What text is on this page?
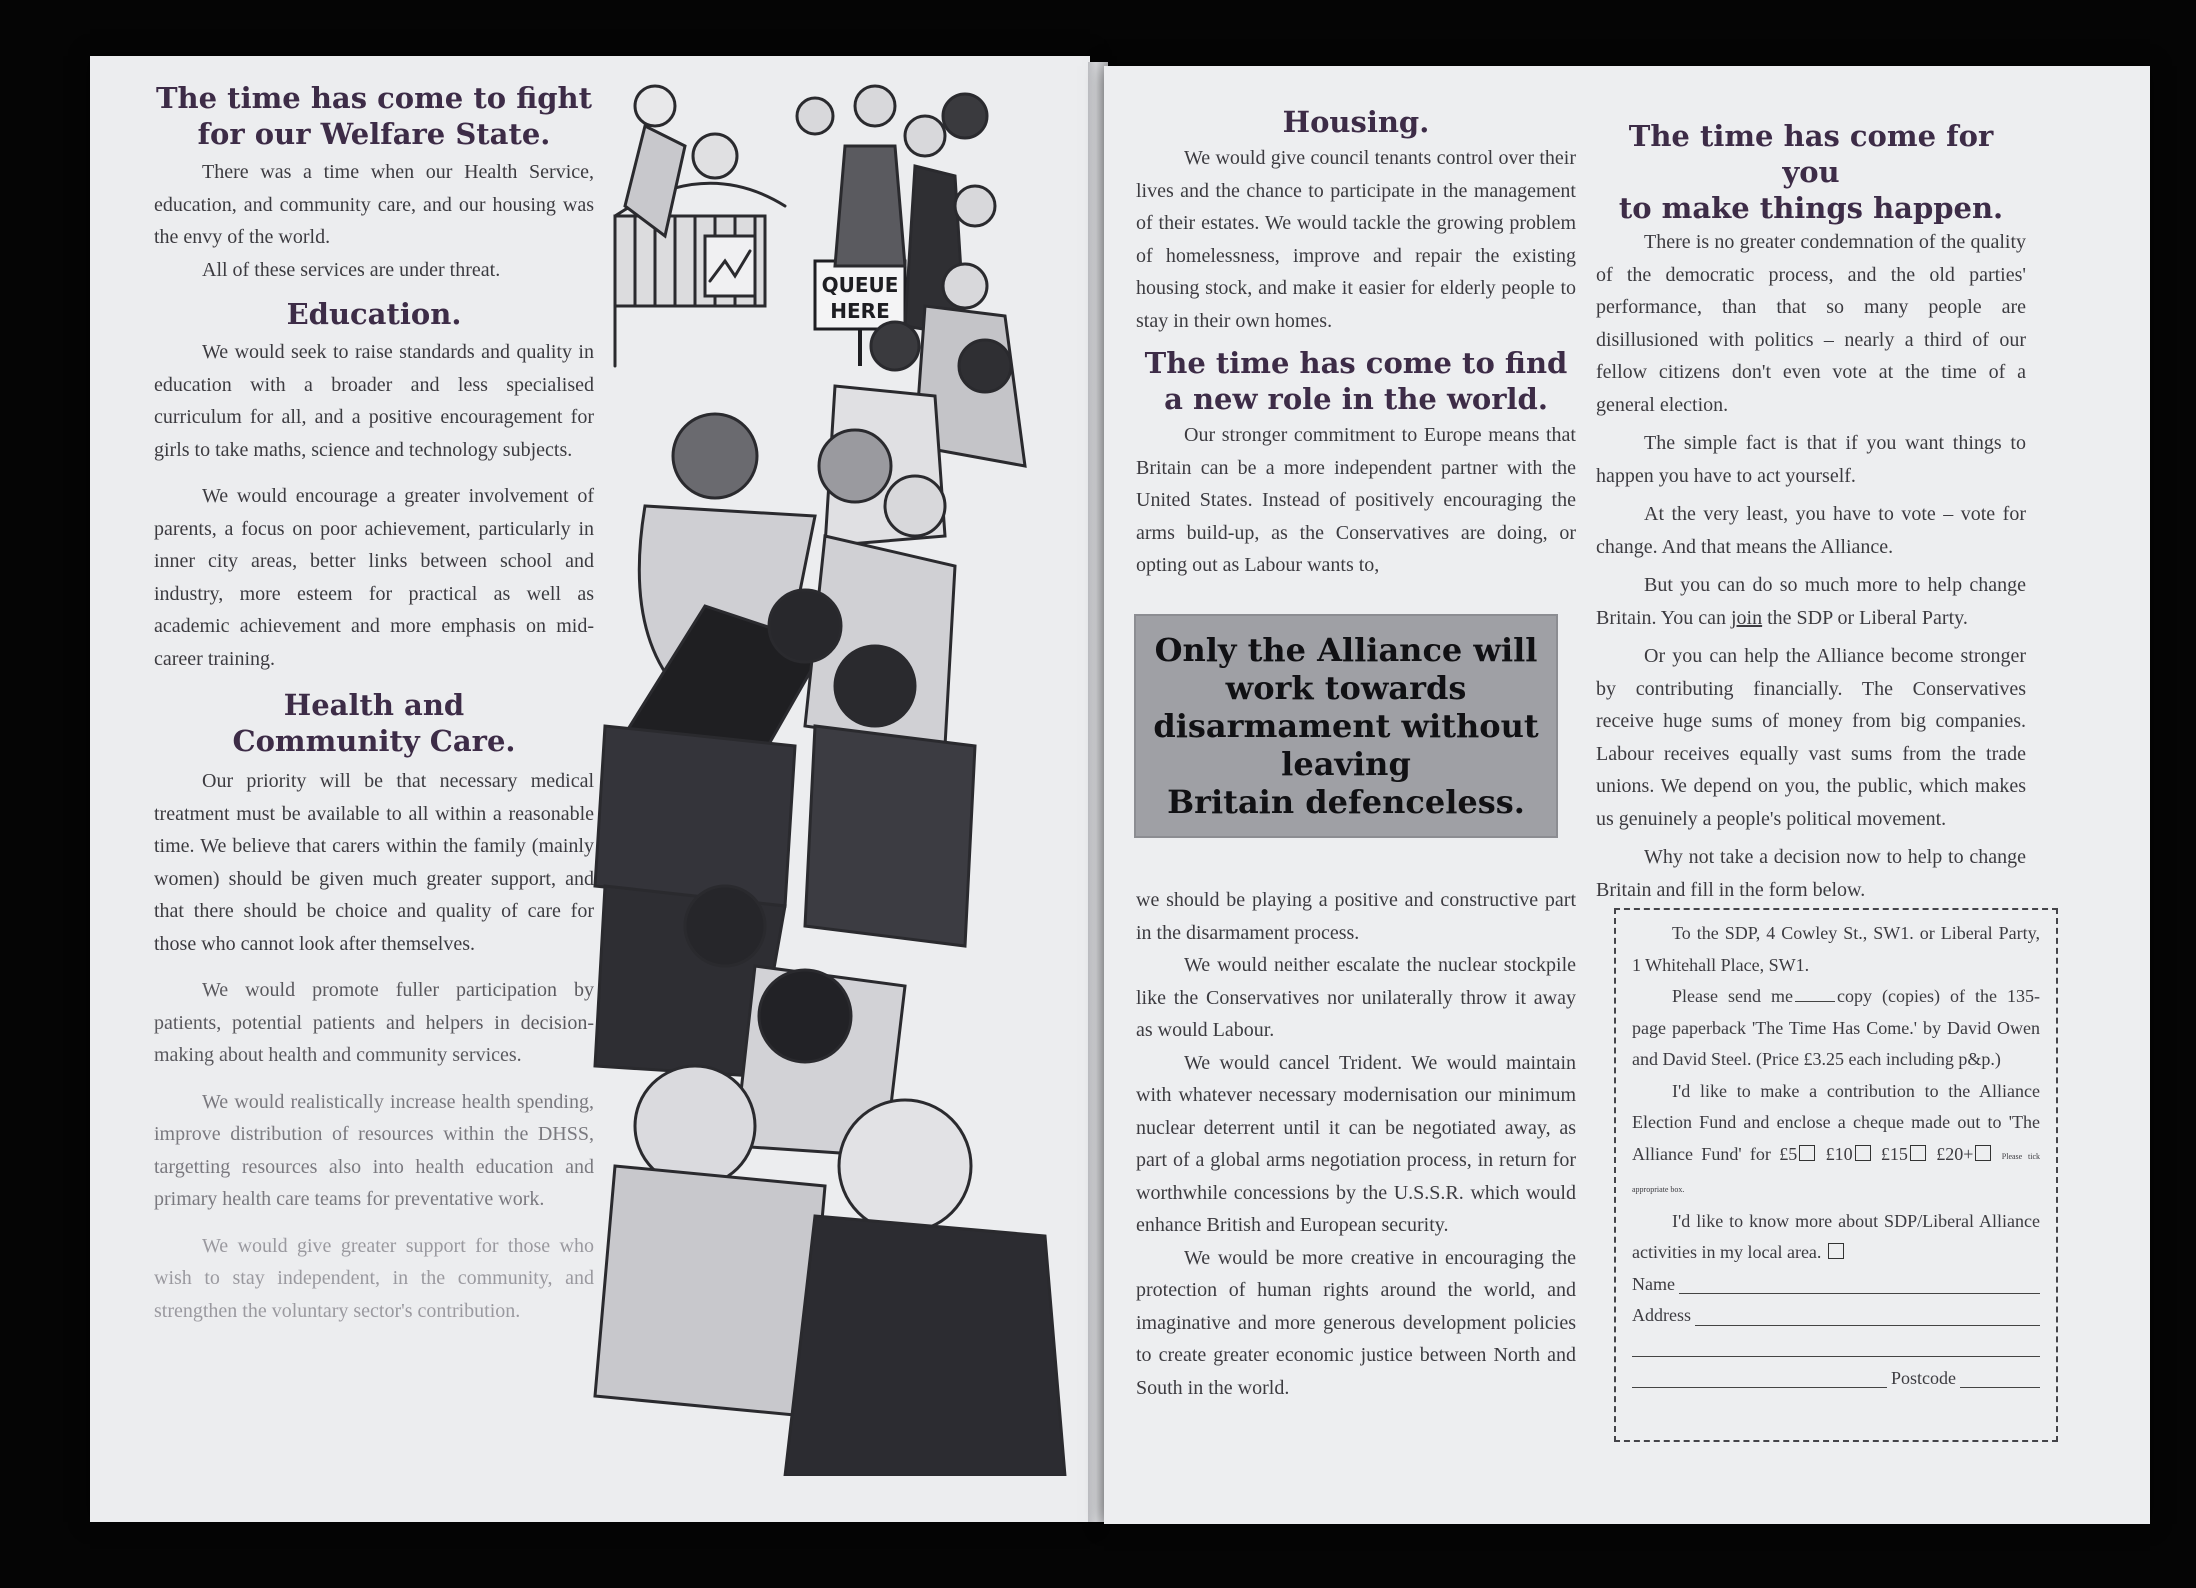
The time has come to fight
for our Welfare State.

There was a time when our Health Service, education, and community care, and our housing was the envy of the world.

All of these services are under threat.

Education.

We would seek to raise standards and quality in education with a broader and less specialised curriculum for all, and a positive encouragement for girls to take maths, science and technology subjects.

We would encourage a greater involvement of parents, a focus on poor achievement, particularly in inner city areas, better links between school and industry, more esteem for practical as well as academic achievement and more emphasis on mid-career training.

Health and
Community Care.

Our priority will be that necessary medical treatment must be available to all within a reasonable time. We believe that carers within the family (mainly women) should be given much greater support, and that there should be choice and quality of care for those who cannot look after themselves.

We would promote fuller participation by patients, potential patients and helpers in decision-making about health and community services.

We would realistically increase health spending, improve distribution of resources within the DHSS, targetting resources also into health education and primary health care teams for preventative work.

We would give greater support for those who wish to stay independent, in the community, and strengthen the voluntary sector's contribution.

QUEUE
HERE
Housing.

We would give council tenants control over their lives and the chance to participate in the management of their estates. We would tackle the growing problem of homelessness, improve and repair the existing housing stock, and make it easier for elderly people to stay in their own homes.

The time has come to find
a new role in the world.

Our stronger commitment to Europe means that Britain can be a more independent partner with the United States. Instead of positively encouraging the arms build-up, as the Conservatives are doing, or opting out as Labour wants to,

Only the Alliance will
work towards
disarmament without
leaving
Britain defenceless.

we should be playing a positive and constructive part in the disarmament process.

We would neither escalate the nuclear stockpile like the Conservatives nor unilaterally throw it away as would Labour.

We would cancel Trident. We would maintain with whatever necessary modernisation our minimum nuclear deterrent until it can be negotiated away, as part of a global arms negotiation process, in return for worthwhile concessions by the U.S.S.R. which would enhance British and European security.

We would be more creative in encouraging the protection of human rights around the world, and imaginative and more generous development policies to create greater economic justice between North and South in the world.

The time has come for you
to make things happen.

There is no greater condemnation of the quality of the democratic process, and the old parties' performance, than that so many people are disillusioned with politics – nearly a third of our fellow citizens don't even vote at the time of a general election.

The simple fact is that if you want things to happen you have to act yourself.

At the very least, you have to vote – vote for change. And that means the Alliance.

But you can do so much more to help change Britain. You can join the SDP or Liberal Party.

Or you can help the Alliance become stronger by contributing financially. The Conservatives receive huge sums of money from big companies. Labour receives equally vast sums from the trade unions. We depend on you, the public, which makes us genuinely a people's political movement.

Why not take a decision now to help to change Britain and fill in the form below.

To the SDP, 4 Cowley St., SW1. or Liberal Party, 1 Whitehall Place, SW1.

Please send me copy (copies) of the 135-page paperback 'The Time Has Come.' by David Owen and David Steel. (Price £3.25 each including p&p.)

I'd like to make a contribution to the Alliance Election Fund and enclose a cheque made out to 'The Alliance Fund' for £5 £10 £15 £20+	Please tick appropriate box.

I'd like to know more about SDP/Liberal Alliance activities in my local area.

Name
Address
Postcode
